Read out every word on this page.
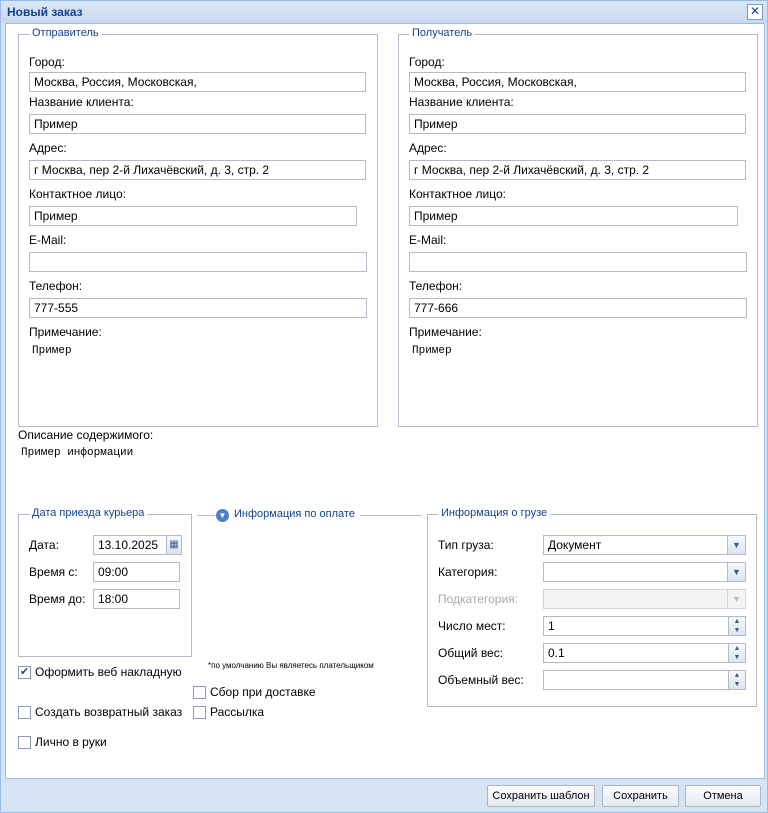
Новый заказ	✕
Отправитель
Город:
Москва, Россия, Московская,
Название клиента:
Пример
Адрес:
г Москва, пер 2-й Лихачёвский, д. 3, стр. 2
Контактное лицо:
Пример
E-Mail:
Телефон:
777-555
Примечание:
Пример
Получатель
Город:
Москва, Россия, Московская,
Название клиента:
Пример
Адрес:
г Москва, пер 2-й Лихачёвский, д. 3, стр. 2
Контактное лицо:
Пример
E-Mail:
Телефон:
777-666
Примечание:
Пример
Описание содержимого:
Пример информации
Дата приезда курьера
Дата:	13.10.2025	▦
Время с:	09:00
Время до:	18:00
▼ Информация по оплате
*по умолчанию Вы являетесь плательщиком
Информация о грузе
Тип груза:	Документ	▼
Категория:	▼
Подкатегория:	▼
Число мест:	1	▲
▼
Общий вес:	0.1	▲
▼
Объемный вес:	▲
▼
✔ Оформить веб накладную
Сбор при доставке
Создать возвратный заказ Рассылка
Лично в руки
Сохранить шаблон	Сохранить	Отмена
